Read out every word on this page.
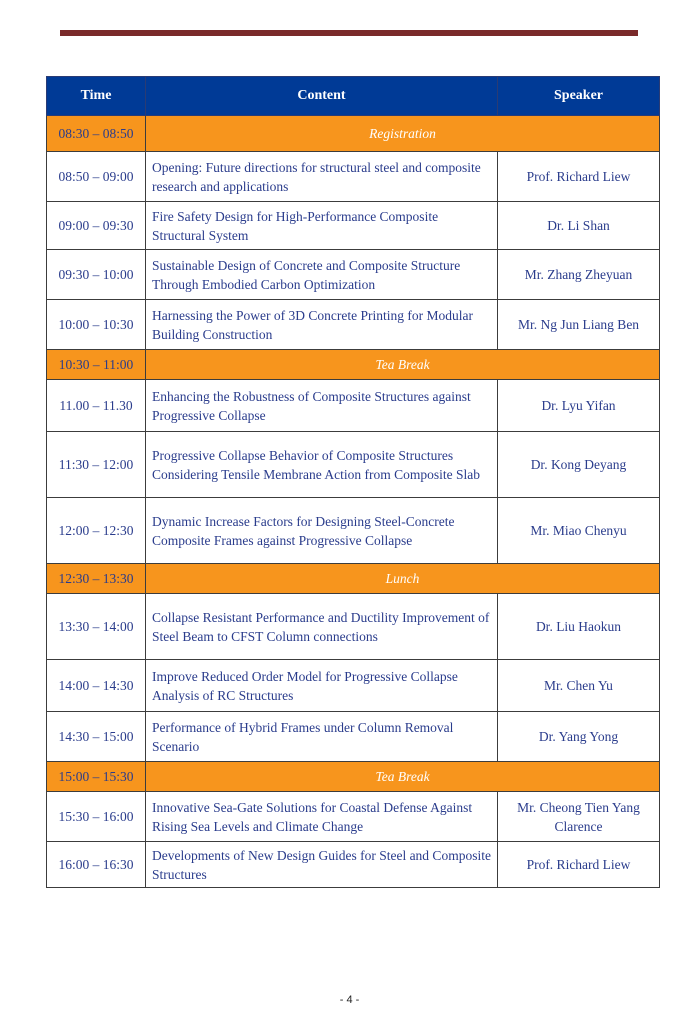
Time	Content	Speaker
08:30 – 08:50	Registration	
08:50 – 09:00	Opening: Future directions for structural steel and composite research and applications	Prof. Richard Liew
09:00 – 09:30	Fire Safety Design for High-Performance Composite Structural System	Dr. Li Shan
09:30 – 10:00	Sustainable Design of Concrete and Composite Structure Through Embodied Carbon Optimization	Mr. Zhang Zheyuan
10:00 – 10:30	Harnessing the Power of 3D Concrete Printing for Modular Building Construction	Mr. Ng Jun Liang Ben
10:30 – 11:00	Tea Break	
11.00 – 11.30	Enhancing the Robustness of Composite Structures against Progressive Collapse	Dr. Lyu Yifan
11:30 – 12:00	Progressive Collapse Behavior of Composite Structures Considering Tensile Membrane Action from Composite Slab	Dr. Kong Deyang
12:00 – 12:30	Dynamic Increase Factors for Designing Steel-Concrete Composite Frames against Progressive Collapse	Mr. Miao Chenyu
12:30 – 13:30	Lunch	
13:30 – 14:00	Collapse Resistant Performance and Ductility Improvement of Steel Beam to CFST Column connections	Dr. Liu Haokun
14:00 – 14:30	Improve Reduced Order Model for Progressive Collapse Analysis of RC Structures	Mr. Chen Yu
14:30 – 15:00	Performance of Hybrid Frames under Column Removal Scenario	Dr. Yang Yong
15:00 – 15:30	Tea Break	
15:30 – 16:00	Innovative Sea-Gate Solutions for Coastal Defense Against Rising Sea Levels and Climate Change	Mr. Cheong Tien Yang Clarence
16:00 – 16:30	Developments of New Design Guides for Steel and Composite Structures	Prof. Richard Liew
- 4 -
